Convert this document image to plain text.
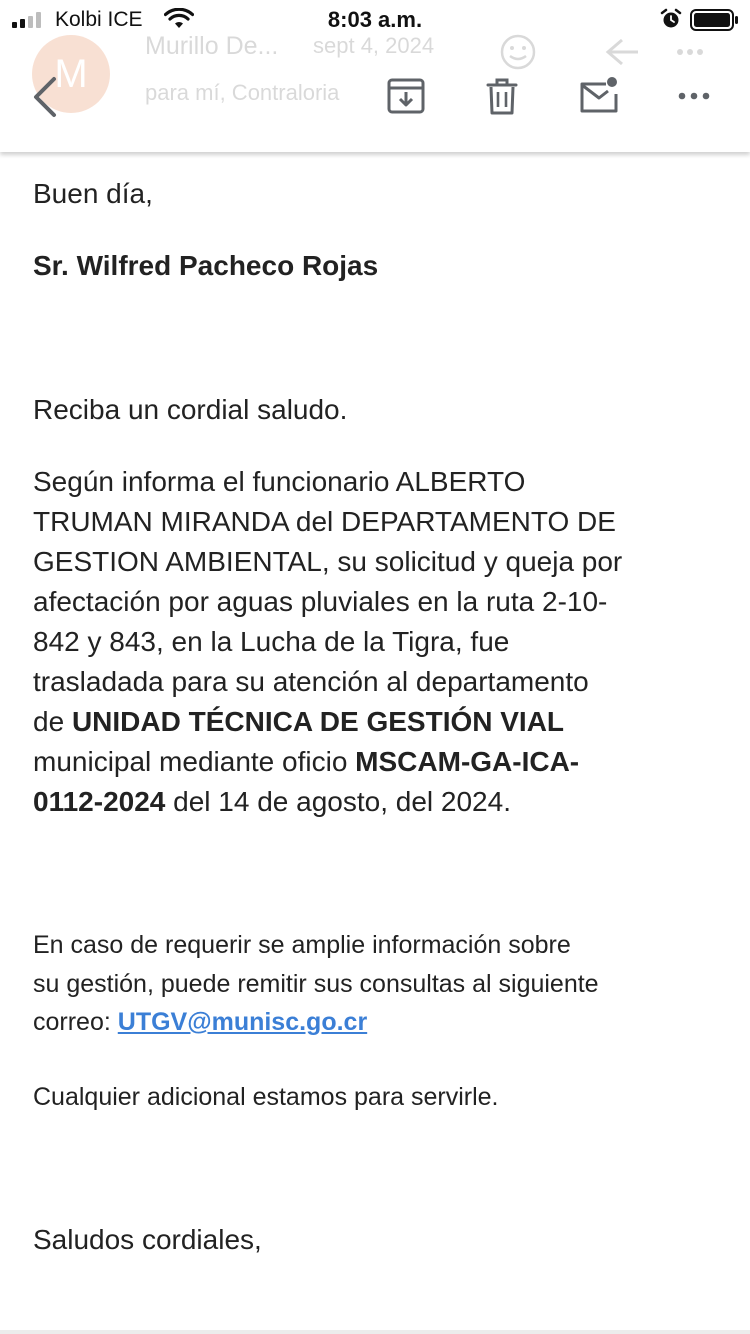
Kolbi ICE	8:03 a.m.
M
Murillo De... sept 4, 2024
para mí, Contraloria
Buen día,
Sr. Wilfred Pacheco Rojas
Reciba un cordial saludo.
Según informa el funcionario ALBERTO
TRUMAN MIRANDA del DEPARTAMENTO DE
GESTION AMBIENTAL, su solicitud y queja por
afectación por aguas pluviales en la ruta 2-10-
842 y 843, en la Lucha de la Tigra, fue
trasladada para su atención al departamento
de UNIDAD TÉCNICA DE GESTIÓN VIAL
municipal mediante oficio MSCAM-GA-ICA-
0112-2024 del 14 de agosto, del 2024.
En caso de requerir se amplie información sobre
su gestión, puede remitir sus consultas al siguiente
correo: UTGV@munisc.go.cr
Cualquier adicional estamos para servirle.
Saludos cordiales,
